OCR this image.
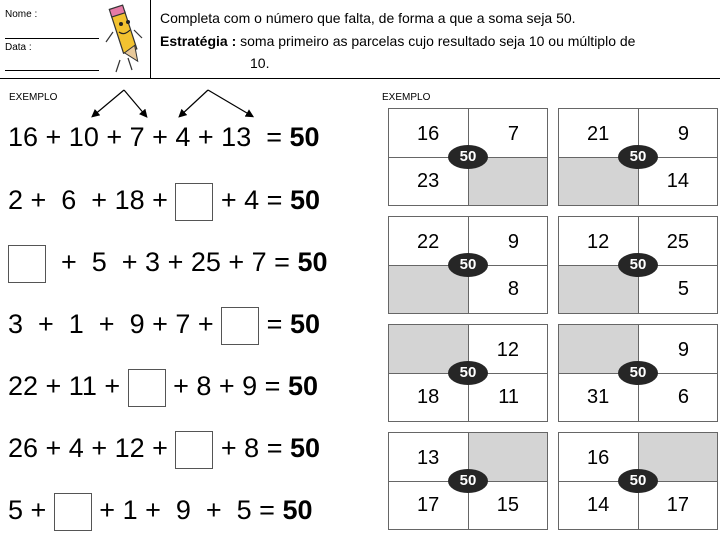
Nome :
Data :
Completa com o número que falta, de forma a que a soma seja 50.
Estratégia : soma primeiro as parcelas cujo resultado seja 10 ou múltiplo de
10.
EXEMPLO	EXEMPLO
16 + 10 + 7 + 4 + 13  = 50
2 +  6  + 18 +  + 4 = 50
+  5  + 3 + 25 + 7 = 50
3  +  1  +  9 + 7 +  = 50
22 + 11 +  + 8 + 9 = 50
26 + 4 + 12 +  + 8 = 50
5 +  + 1 +  9  +  5 = 50
16	7
23
50
21	9
14
50
22	9
8
50
12	25
5
50
12
18	11
50
9
31	6
50
13
17	15
50
16
14	17
50
